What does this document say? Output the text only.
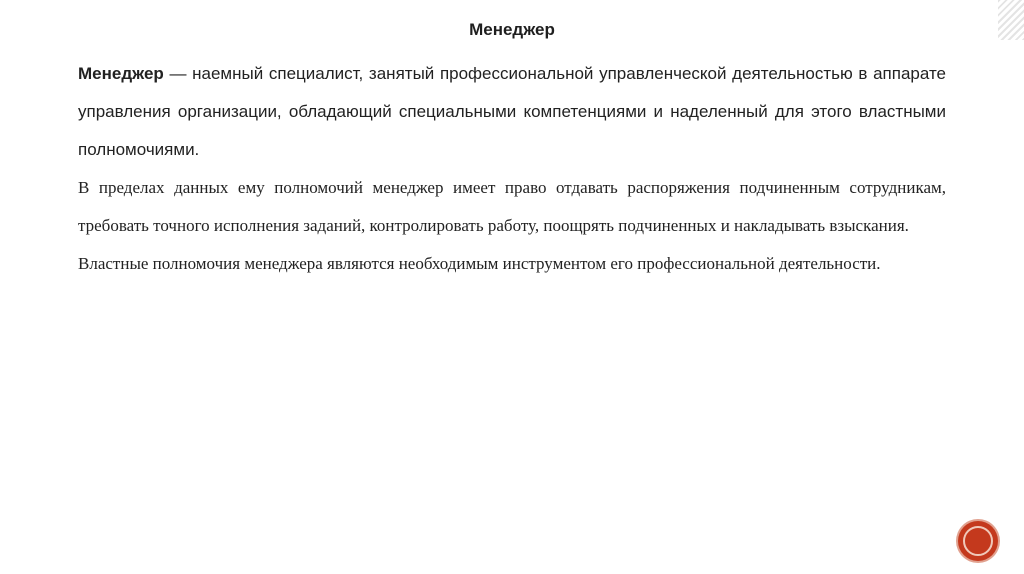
Менеджер

Менеджер — наемный специалист, занятый профессиональной управленческой деятельностью в аппарате управления организации, обладающий специальными компетенциями и наделенный для этого властными полномочиями.

В пределах данных ему полномочий менеджер имеет право отдавать распоряжения подчиненным сотрудникам, требовать точного исполнения заданий, контролировать работу, поощрять подчиненных и накладывать взыскания.

Властные полномочия менеджера являются необходимым инструментом его профессиональной деятельности.
